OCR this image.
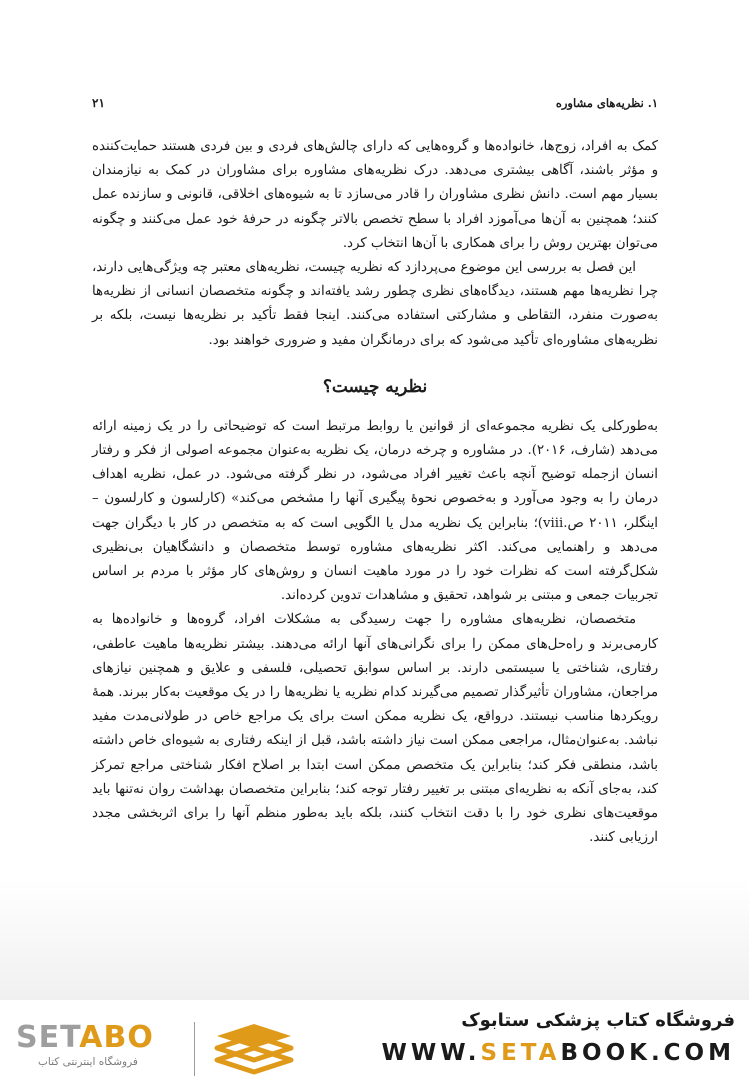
۱. نظریه‌های مشاوره
۲۱

کمک به افراد، زوج‌ها، خانواده‌ها و گروه‌هایی که دارای چالش‌های فردی و بین فردی هستند حمایت‌کننده و مؤثر باشند، آگاهی بیشتری می‌دهد. درک نظریه‌های مشاوره برای مشاوران در کمک به نیازمندان بسیار مهم است. دانش نظری مشاوران را قادر می‌سازد تا به شیوه‌های اخلاقی، قانونی و سازنده عمل کنند؛ همچنین به آن‌ها می‌آموزد افراد با سطح تخصص بالاتر چگونه در حرفهٔ خود عمل می‌کنند و چگونه می‌توان بهترین روش را برای همکاری با آن‌ها انتخاب کرد.

این فصل به بررسی این موضوع می‌پردازد که نظریه چیست، نظریه‌های معتبر چه ویژگی‌هایی دارند، چرا نظریه‌ها مهم هستند، دیدگاه‌های نظری چطور رشد یافته‌اند و چگونه متخصصان انسانی از نظریه‌ها به‌صورت منفرد، التقاطی و مشارکتی استفاده می‌کنند. اینجا فقط تأکید بر نظریه‌ها نیست، بلکه بر نظریه‌های مشاوره‌ای تأکید می‌شود که برای درمانگران مفید و ضروری خواهند بود.

نظریه چیست؟

به‌طورکلی یک نظریه مجموعه‌ای از قوانین یا روابط مرتبط است که توضیحاتی را در یک زمینه ارائه می‌دهد (شارف، ۲۰۱۶). در مشاوره و چرخه درمان، یک نظریه به‌عنوان مجموعه اصولی از فکر و رفتار انسان ازجمله توضیح آنچه باعث تغییر افراد می‌شود، در نظر گرفته می‌شود. در عمل، نظریه اهداف درمان را به وجود می‌آورد و به‌خصوص نحوهٔ پیگیری آنها را مشخص می‌کند» (کارلسون و کارلسون – اینگلر، ۲۰۱۱ ص.viii)؛ بنابراین یک نظریه مدل یا الگویی است که به متخصص در کار با دیگران جهت می‌دهد و راهنمایی می‌کند. اکثر نظریه‌های مشاوره توسط متخصصان و دانشگاهیان بی‌نظیری شکل‌گرفته است که نظرات خود را در مورد ماهیت انسان و روش‌های کار مؤثر با مردم بر اساس تجربیات جمعی و مبتنی بر شواهد، تحقیق و مشاهدات تدوین کرده‌اند.

متخصصان، نظریه‌های مشاوره را جهت رسیدگی به مشکلات افراد، گروه‌ها و خانواده‌ها به کارمی‌برند و راه‌حل‌های ممکن را برای نگرانی‌های آنها ارائه می‌دهند. بیشتر نظریه‌ها ماهیت عاطفی، رفتاری، شناختی یا سیستمی دارند. بر اساس سوابق تحصیلی، فلسفی و علایق و همچنین نیازهای مراجعان، مشاوران تأثیرگذار تصمیم می‌گیرند کدام نظریه یا نظریه‌ها را در یک موقعیت به‌کار ببرند. همهٔ رویکردها مناسب نیستند. درواقع، یک نظریه ممکن است برای یک مراجع خاص در طولانی‌مدت مفید نباشد. به‌عنوان‌مثال، مراجعی ممکن است نیاز داشته باشد، قبل از اینکه رفتاری به شیوه‌ای خاص داشته باشد، منطقی فکر کند؛ بنابراین یک متخصص ممکن است ابتدا بر اصلاح افکار شناختی مراجع تمرکز کند، به‌جای آنکه به نظریه‌ای مبتنی بر تغییر رفتار توجه کند؛ بنابراین متخصصان بهداشت روان نه‌تنها باید موقعیت‌های نظری خود را با دقت انتخاب کنند، بلکه باید به‌طور منظم آنها را برای اثربخشی مجدد ارزیابی کنند.

SETABO
فروشگاه اینترنتی کتاب
فروشگاه کتاب پزشکی ستابوک
WWW.SETABOOK.COM
